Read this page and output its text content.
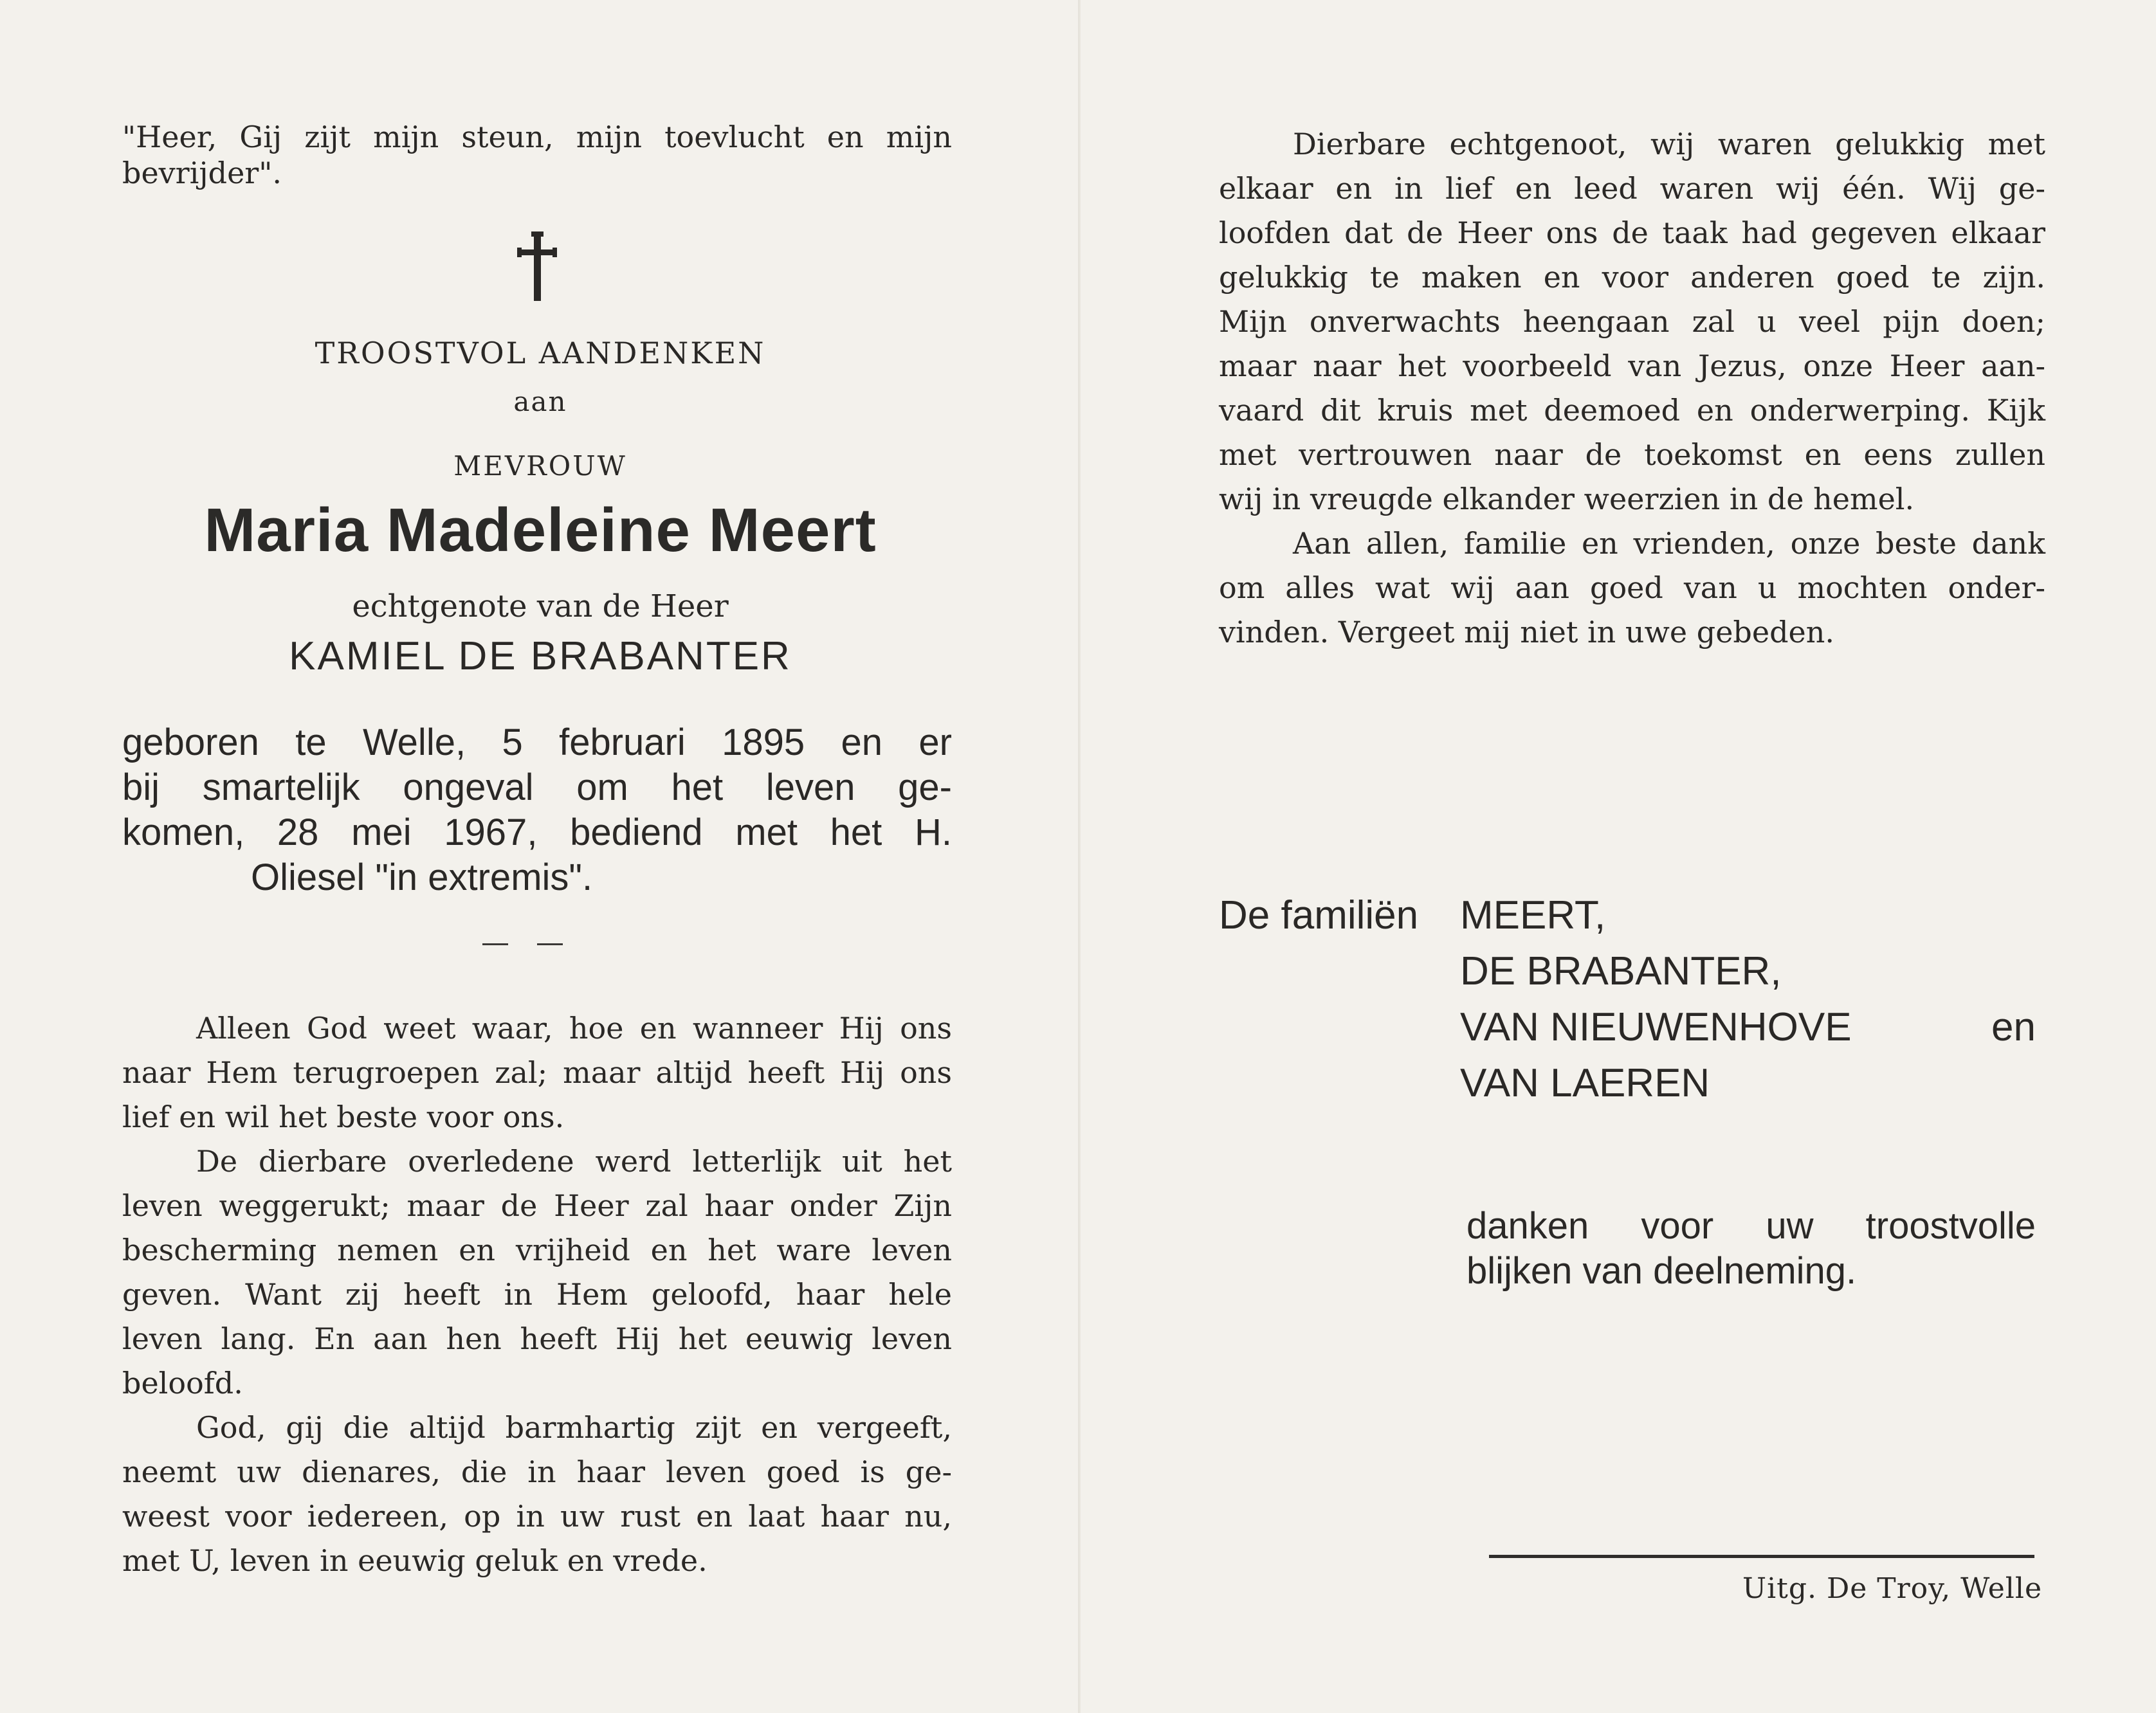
"Heer, Gij zijt mijn steun, mijn toevlucht en mijn
bevrijder".
TROOSTVOL AANDENKEN
aan
MEVROUW
Maria Madeleine Meert
echtgenote van de Heer
KAMIEL DE BRABANTER
geboren te Welle, 5 februari 1895 en er
bij smartelijk ongeval om het leven ge-
komen, 28 mei 1967, bediend met het H.
Oliesel "in extremis".
Alleen God weet waar, hoe en wanneer Hij ons
naar Hem terugroepen zal; maar altijd heeft Hij ons
lief en wil het beste voor ons.
De dierbare overledene werd letterlijk uit het
leven weggerukt; maar de Heer zal haar onder Zijn
bescherming nemen en vrijheid en het ware leven
geven. Want zij heeft in Hem geloofd, haar hele
leven lang. En aan hen heeft Hij het eeuwig leven
beloofd.
God, gij die altijd barmhartig zijt en vergeeft,
neemt uw dienares, die in haar leven goed is ge-
weest voor iedereen, op in uw rust en laat haar nu,
met U, leven in eeuwig geluk en vrede.
Dierbare echtgenoot, wij waren gelukkig met
elkaar en in lief en leed waren wij één. Wij ge-
loofden dat de Heer ons de taak had gegeven elkaar
gelukkig te maken en voor anderen goed te zijn.
Mijn onverwachts heengaan zal u veel pijn doen;
maar naar het voorbeeld van Jezus, onze Heer aan-
vaard dit kruis met deemoed en onderwerping. Kijk
met vertrouwen naar de toekomst en eens zullen
wij in vreugde elkander weerzien in de hemel.
Aan allen, familie en vrienden, onze beste dank
om alles wat wij aan goed van u mochten onder-
vinden. Vergeet mij niet in uwe gebeden.
De familiën MEERT,
DE BRABANTER,
VAN NIEUWENHOVE	en
VAN LAEREN
danken voor uw troostvolle
blijken van deelneming.
Uitg. De Troy, Welle
